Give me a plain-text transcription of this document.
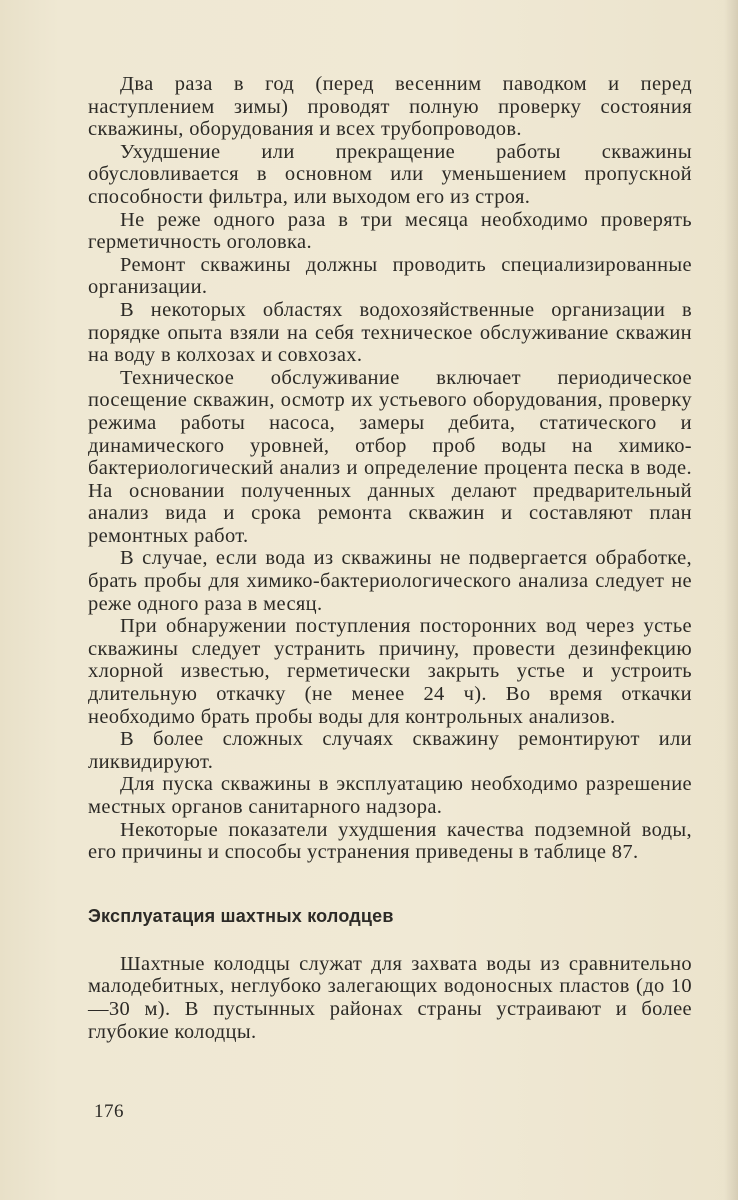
Два раза в год (перед весенним паводком и перед наступлением зимы) проводят полную проверку состояния скважины, оборудования и всех трубопроводов.

Ухудшение или прекращение работы скважины обусловливается в основном или уменьшением пропускной способности фильтра, или выходом его из строя.

Не реже одного раза в три месяца необходимо проверять герметичность оголовка.

Ремонт скважины должны проводить специализированные организации.

В некоторых областях водохозяйственные организации в порядке опыта взяли на себя техническое обслуживание скважин на воду в колхозах и совхозах.

Техническое обслуживание включает периодическое посещение скважин, осмотр их устьевого оборудования, проверку режима работы насоса, замеры дебита, статического и динамического уровней, отбор проб воды на химико-бактериологический анализ и определение процента песка в воде. На основании полученных данных делают предварительный анализ вида и срока ремонта скважин и составляют план ремонтных работ.

В случае, если вода из скважины не подвергается обработке, брать пробы для химико-бактериологического анализа следует не реже одного раза в месяц.

При обнаружении поступления посторонних вод через устье скважины следует устранить причину, провести дезинфекцию хлорной известью, герметически закрыть устье и устроить длительную откачку (не менее 24 ч). Во время откачки необходимо брать пробы воды для контрольных анализов.

В более сложных случаях скважину ремонтируют или ликвидируют.

Для пуска скважины в эксплуатацию необходимо разрешение местных органов санитарного надзора.

Некоторые показатели ухудшения качества подземной воды, его причины и способы устранения приведены в таблице 87.

Эксплуатация шахтных колодцев

Шахтные колодцы служат для захвата воды из сравнительно малодебитных, неглубоко залегающих водоносных пластов (до 10—30 м). В пустынных районах страны устраивают и более глубокие колодцы.

176
